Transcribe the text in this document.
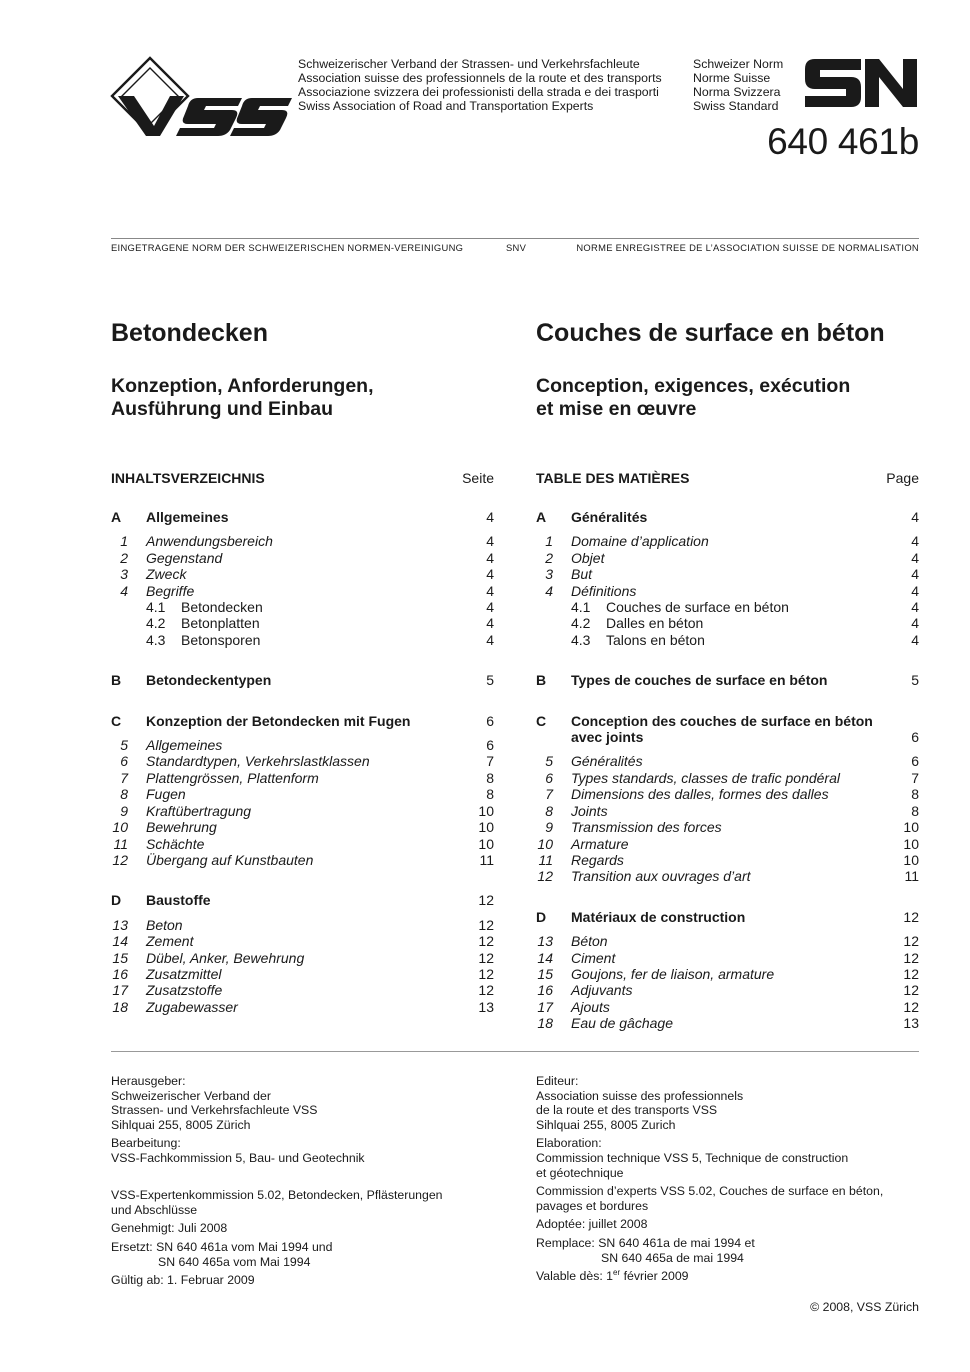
Schweizerischer Verband der Strassen- und Verkehrsfachleute
Association suisse des professionnels de la route et des transports
Associazione svizzera dei professionisti della strada e dei trasporti
Swiss Association of Road and Transportation Experts
Schweizer Norm
Norme Suisse
Norma Svizzera
Swiss Standard
640 461b
EINGETRAGENE NORM DER SCHWEIZERISCHEN NORMEN-VEREINIGUNG	SNV	NORME ENREGISTREE DE L’ASSOCIATION SUISSE DE NORMALISATION
Betondecken	Couches de surface en béton
Konzeption, Anforderungen,
Ausführung und Einbau
Conception, exigences, exécution
et mise en œuvre
INHALTSVERZEICHNIS	Seite
A	Allgemeines	4
1 Anwendungsbereich	4
2 Gegenstand	4
3 Zweck	4
4 Begriffe	4
4.1	Betondecken	4
4.2	Betonplatten	4
4.3	Betonsporen	4
B	Betondeckentypen	5
C	Konzeption der Betondecken mit Fugen	6
5 Allgemeines	6
6 Standardtypen, Verkehrslastklassen	7
7 Plattengrössen, Plattenform	8
8 Fugen	8
9 Kraftübertragung	10
10 Bewehrung	10
11 Schächte	10
12 Übergang auf Kunstbauten	11
D	Baustoffe	12
13 Beton	12
14 Zement	12
15 Dübel, Anker, Bewehrung	12
16 Zusatzmittel	12
17 Zusatzstoffe	12
18 Zugabewasser	13
TABLE DES MATIÈRES	Page
A	Généralités	4
1 Domaine d’application	4
2 Objet	4
3 But	4
4 Définitions	4
4.1	Couches de surface en béton	4
4.2	Dalles en béton	4
4.3	Talons en béton	4
B	Types de couches de surface en béton	5
C	Conception des couches de surface en béton
avec joints	6
5 Généralités	6
6 Types standards, classes de trafic pondéral	7
7 Dimensions des dalles, formes des dalles	8
8 Joints	8
9 Transmission des forces	10
10 Armature	10
11 Regards	10
12 Transition aux ouvrages d’art	11
D	Matériaux de construction	12
13 Béton	12
14 Ciment	12
15 Goujons, fer de liaison, armature	12
16 Adjuvants	12
17 Ajouts	12
18 Eau de gâchage	13
Herausgeber:
Schweizerischer Verband der
Strassen- und Verkehrsfachleute VSS
Sihlquai 255, 8005 Zürich
Bearbeitung:
VSS-Fachkommission 5, Bau- und Geotechnik
VSS-Expertenkommission 5.02, Betondecken, Pflästerungen
und Abschlüsse
Genehmigt: Juli 2008
Ersetzt: SN 640 461a vom Mai 1994 und
SN 640 465a vom Mai 1994
Gültig ab: 1. Februar 2009
Editeur:
Association suisse des professionnels
de la route et des transports VSS
Sihlquai 255, 8005 Zurich
Elaboration:
Commission technique VSS 5, Technique de construction
et géotechnique
Commission d’experts VSS 5.02, Couches de surface en béton,
pavages et bordures
Adoptée: juillet 2008
Remplace: SN 640 461a de mai 1994 et
SN 640 465a de mai 1994
Valable dès: 1er février 2009
© 2008, VSS Zürich
